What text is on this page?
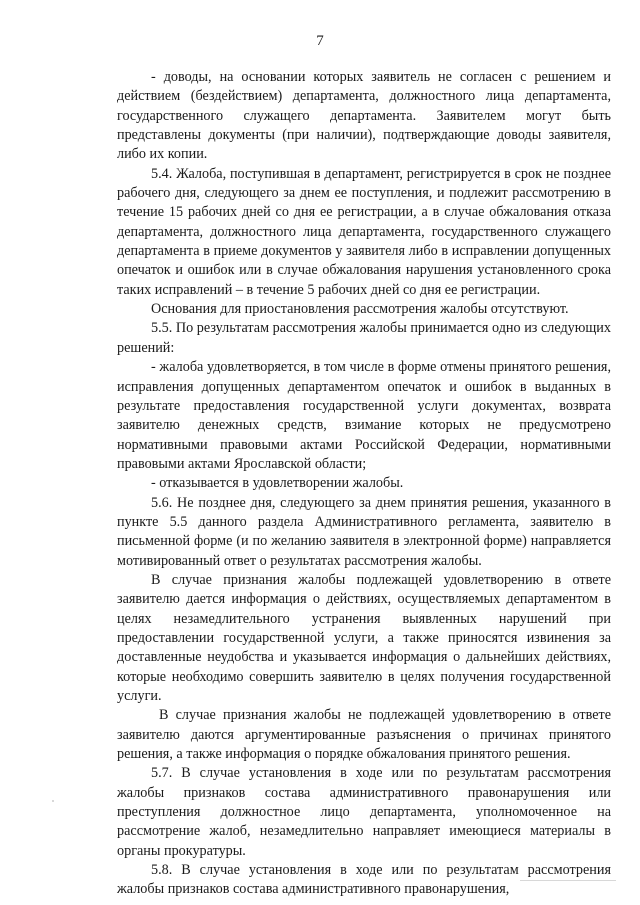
7

- доводы, на основании которых заявитель не согласен с решением и действием (бездействием) департамента, должностного лица департамента, государственного служащего департамента. Заявителем могут быть представлены документы (при наличии), подтверждающие доводы заявителя, либо их копии.

5.4. Жалоба, поступившая в департамент, регистрируется в срок не позднее рабочего дня, следующего за днем ее поступления, и подлежит рассмотрению в течение 15 рабочих дней со дня ее регистрации, а в случае обжалования отказа департамента, должностного лица департамента, государственного служащего департамента в приеме документов у заявителя либо в исправлении допущенных опечаток и ошибок или в случае обжалования нарушения установленного срока таких исправлений – в течение 5 рабочих дней со дня ее регистрации.

Основания для приостановления рассмотрения жалобы отсутствуют.

5.5. По результатам рассмотрения жалобы принимается одно из следующих решений:

- жалоба удовлетворяется, в том числе в форме отмены принятого решения, исправления допущенных департаментом опечаток и ошибок в выданных в результате предоставления государственной услуги документах, возврата заявителю денежных средств, взимание которых не предусмотрено нормативными правовыми актами Российской Федерации, нормативными правовыми актами Ярославской области;

- отказывается в удовлетворении жалобы.

5.6. Не позднее дня, следующего за днем принятия решения, указанного в пункте 5.5 данного раздела Административного регламента, заявителю в письменной форме (и по желанию заявителя в электронной форме) направляется мотивированный ответ о результатах рассмотрения жалобы.

В случае признания жалобы подлежащей удовлетворению в ответе заявителю дается информация о действиях, осуществляемых департаментом в целях незамедлительного устранения выявленных нарушений при предоставлении государственной услуги, а также приносятся извинения за доставленные неудобства и указывается информация о дальнейших действиях, которые необходимо совершить заявителю в целях получения государственной услуги.

В случае признания жалобы не подлежащей удовлетворению в ответе заявителю даются аргументированные разъяснения о причинах принятого решения, а также информация о порядке обжалования принятого решения.

5.7. В случае установления в ходе или по результатам рассмотрения жалобы признаков состава административного правонарушения или преступления должностное лицо департамента, уполномоченное на рассмотрение жалоб, незамедлительно направляет имеющиеся материалы в органы прокуратуры.

5.8. В случае установления в ходе или по результатам рассмотрения жалобы признаков состава административного правонарушения,
